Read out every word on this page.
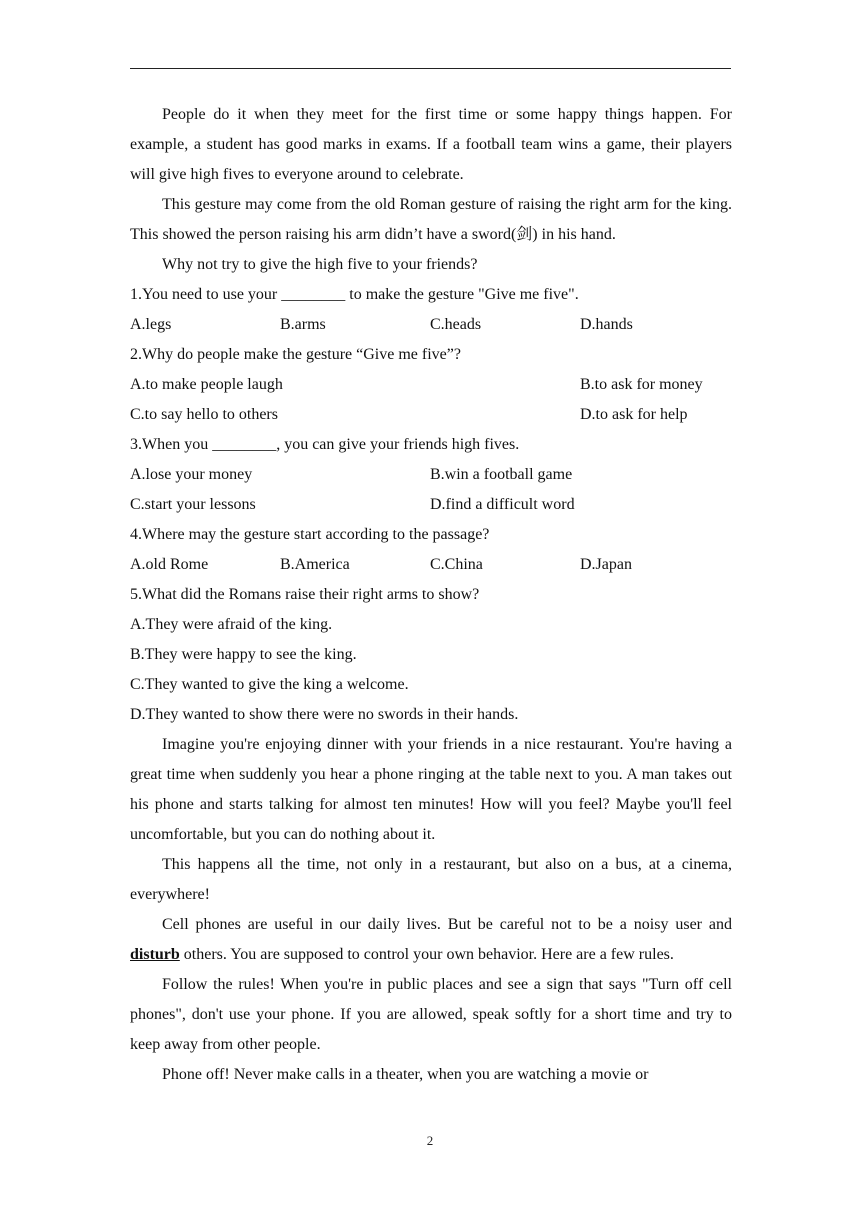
People do it when they meet for the first time or some happy things happen. For example, a student has good marks in exams. If a football team wins a game, their players will give high fives to everyone around to celebrate.

This gesture may come from the old Roman gesture of raising the right arm for the king. This showed the person raising his arm didn’t have a sword(剑) in his hand.

Why not try to give the high five to your friends?

1.You need to use your ________ to make the gesture "Give me five".

A.legs	B.arms	C.heads	D.hands

2.Why do people make the gesture “Give me five”?

A.to make people laugh	B.to ask for money
C.to say hello to others	D.to ask for help

3.When you ________, you can give your friends high fives.

A.lose your money	B.win a football game
C.start your lessons	D.find a difficult word

4.Where may the gesture start according to the passage?

A.old Rome	B.America	C.China	D.Japan

5.What did the Romans raise their right arms to show?

A.They were afraid of the king.

B.They were happy to see the king.

C.They wanted to give the king a welcome.

D.They wanted to show there were no swords in their hands.

Imagine you're enjoying dinner with your friends in a nice restaurant. You're having a great time when suddenly you hear a phone ringing at the table next to you. A man takes out his phone and starts talking for almost ten minutes! How will you feel? Maybe you'll feel uncomfortable, but you can do nothing about it.

This happens all the time, not only in a restaurant, but also on a bus, at a cinema, everywhere!

Cell phones are useful in our daily lives. But be careful not to be a noisy user and disturb others. You are supposed to control your own behavior. Here are a few rules.

Follow the rules! When you're in public places and see a sign that says "Turn off cell phones", don't use your phone. If you are allowed, speak softly for a short time and try to keep away from other people.

Phone off! Never make calls in a theater, when you are watching a movie or

2
